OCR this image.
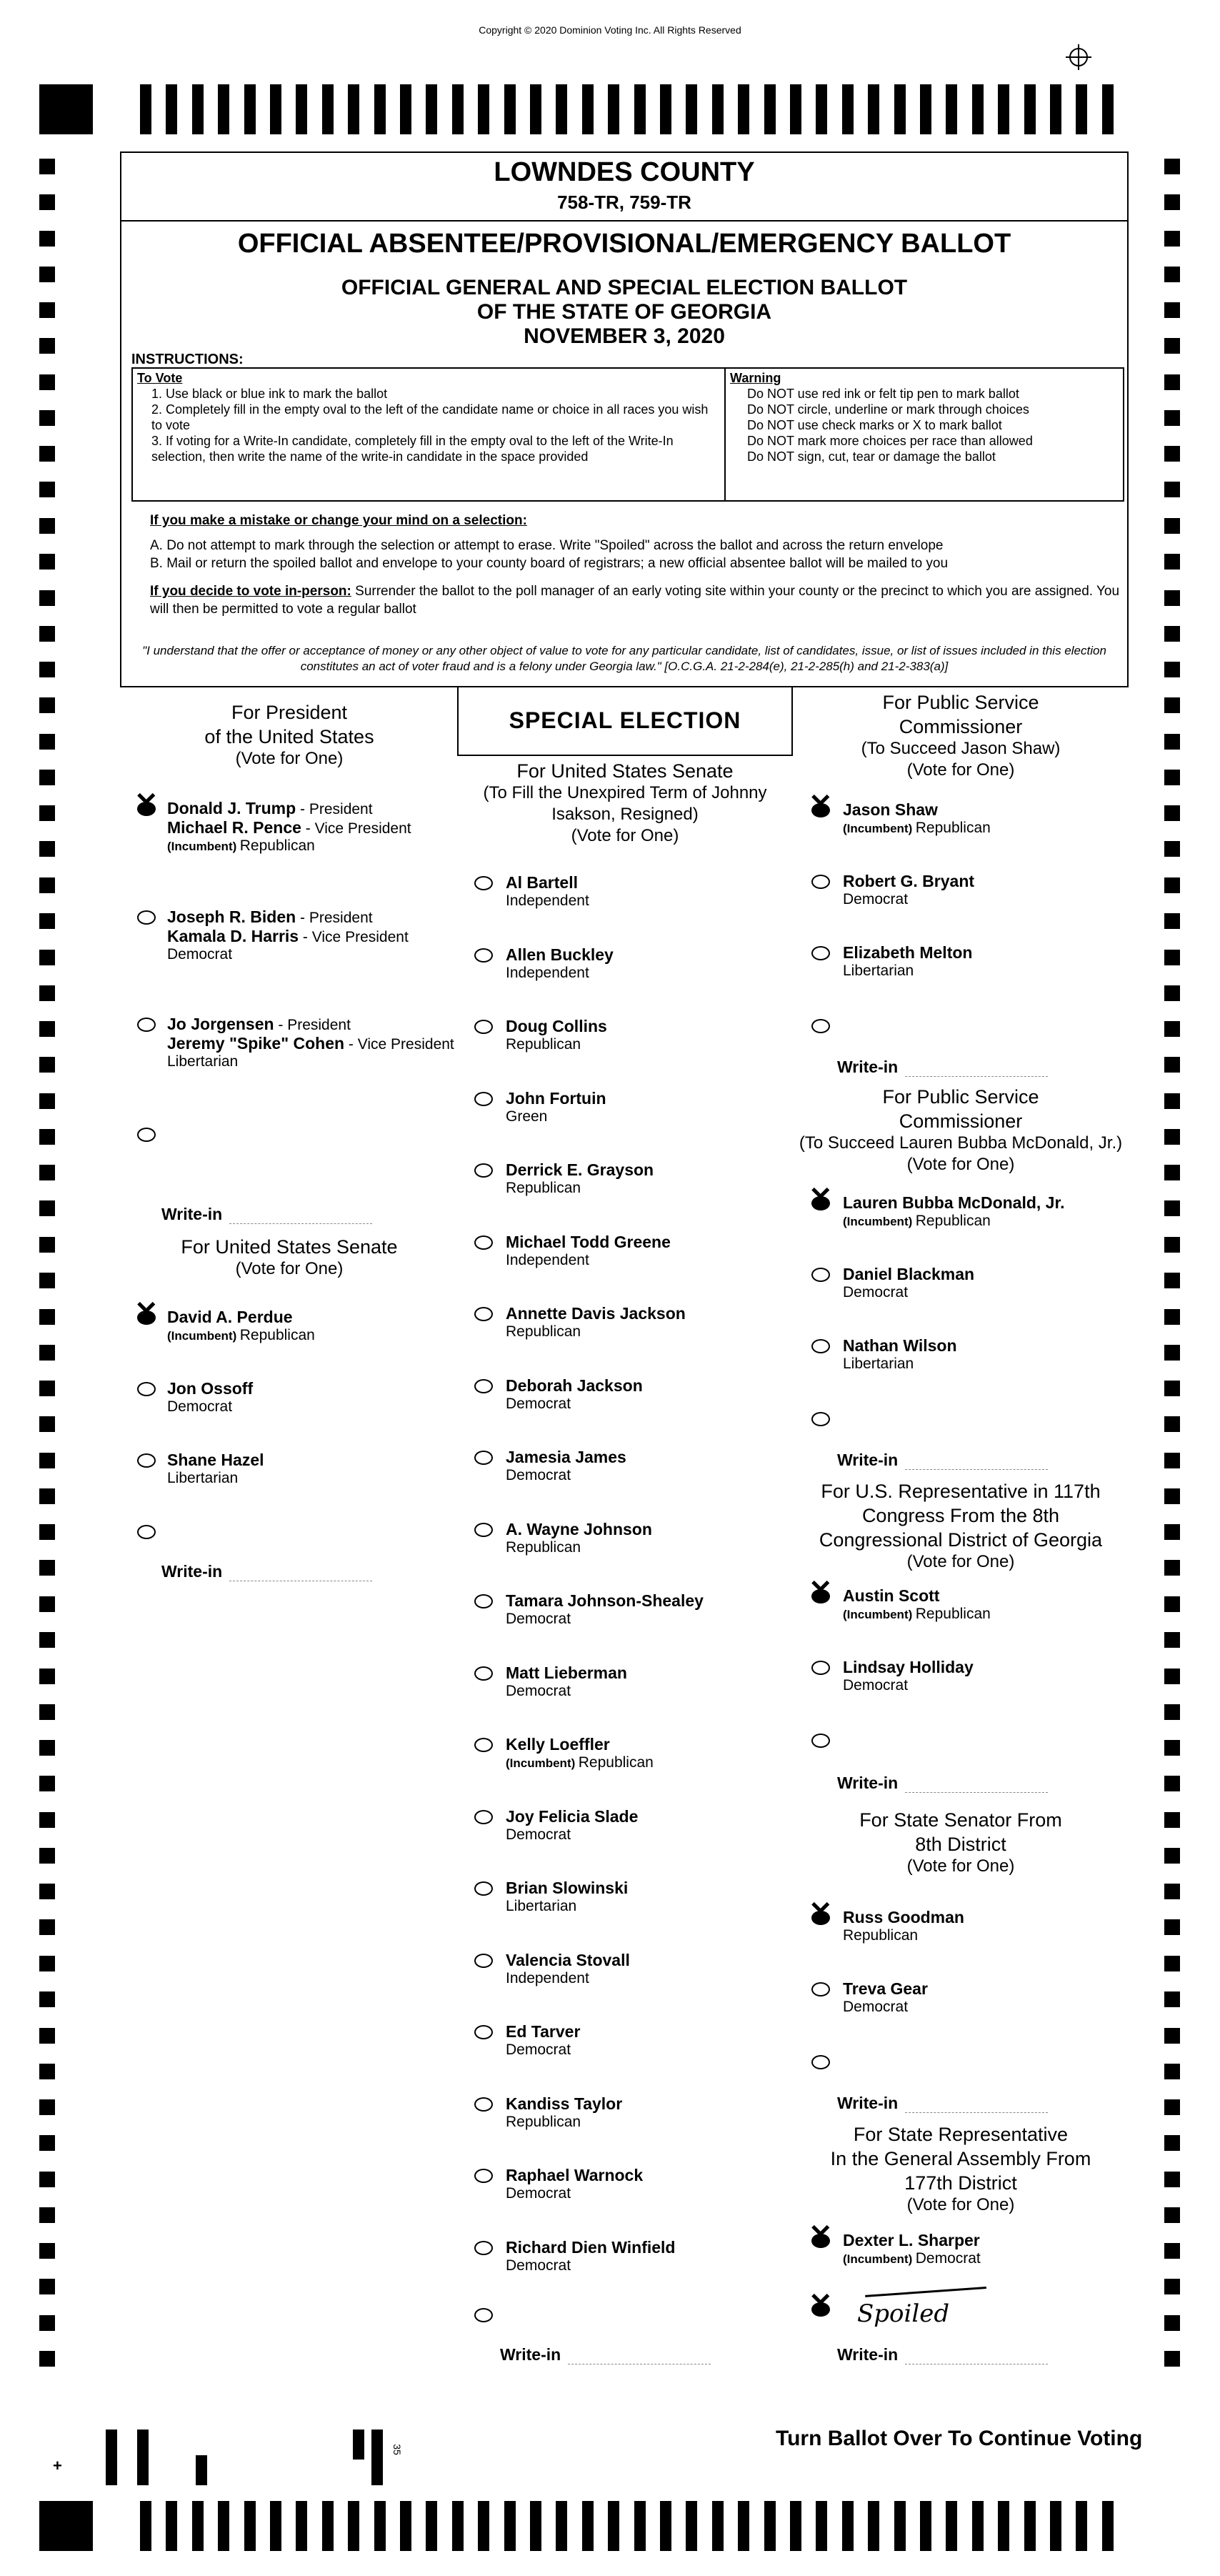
Copyright © 2020 Dominion Voting Inc. All Rights Reserved
LOWNDES COUNTY
758-TR, 759-TR
OFFICIAL ABSENTEE/PROVISIONAL/EMERGENCY BALLOT
OFFICIAL GENERAL AND SPECIAL ELECTION BALLOT
OF THE STATE OF GEORGIA
NOVEMBER 3, 2020
INSTRUCTIONS:
To Vote
1. Use black or blue ink to mark the ballot
2. Completely fill in the empty oval to the left of the candidate name or choice in all races you wish to vote
3. If voting for a Write-In candidate, completely fill in the empty oval to the left of the Write-In selection, then write the name of the write-in candidate in the space provided
Warning
Do NOT use red ink or felt tip pen to mark ballot
Do NOT circle, underline or mark through choices
Do NOT use check marks or X to mark ballot
Do NOT mark more choices per race than allowed
Do NOT sign, cut, tear or damage the ballot

If you make a mistake or change your mind on a selection:

A. Do not attempt to mark through the selection or attempt to erase. Write "Spoiled" across the ballot and across the return envelope

B. Mail or return the spoiled ballot and envelope to your county board of registrars; a new official absentee ballot will be mailed to you

If you decide to vote in-person: Surrender the ballot to the poll manager of an early voting site within your county or the precinct to which you are assigned. You will then be permitted to vote a regular ballot

"I understand that the offer or acceptance of money or any other object of value to vote for any particular candidate, list of candidates, issue, or list of issues included in this election constitutes an act of voter fraud and is a felony under Georgia law." [O.C.G.A. 21-2-284(e), 21-2-285(h) and 21-2-383(a)]
SPECIAL ELECTION
For President
of the United States
(Vote for One)
✕ Donald J. Trump - President
Michael R. Pence - Vice President
(Incumbent) Republican
Joseph R. Biden - President
Kamala D. Harris - Vice President
Democrat
Jo Jorgensen - President
Jeremy "Spike" Cohen - Vice President
Libertarian
Write-in
For United States Senate
(Vote for One)
✕ David A. Perdue
(Incumbent) Republican
Jon Ossoff
Democrat
Shane Hazel
Libertarian
Write-in
For United States Senate
(To Fill the Unexpired Term of Johnny
Isakson, Resigned)
(Vote for One)
Al Bartell
Independent
Allen Buckley
Independent
Doug Collins
Republican
John Fortuin
Green
Derrick E. Grayson
Republican
Michael Todd Greene
Independent
Annette Davis Jackson
Republican
Deborah Jackson
Democrat
Jamesia James
Democrat
A. Wayne Johnson
Republican
Tamara Johnson-Shealey
Democrat
Matt Lieberman
Democrat
Kelly Loeffler
(Incumbent) Republican
Joy Felicia Slade
Democrat
Brian Slowinski
Libertarian
Valencia Stovall
Independent
Ed Tarver
Democrat
Kandiss Taylor
Republican
Raphael Warnock
Democrat
Richard Dien Winfield
Democrat
Write-in
For Public Service
Commissioner
(To Succeed Jason Shaw)
(Vote for One)
✕ Jason Shaw
(Incumbent) Republican
Robert G. Bryant
Democrat
Elizabeth Melton
Libertarian
Write-in
For Public Service
Commissioner
(To Succeed Lauren Bubba McDonald, Jr.)
(Vote for One)
✕ Lauren Bubba McDonald, Jr.
(Incumbent) Republican
Daniel Blackman
Democrat
Nathan Wilson
Libertarian
Write-in
For U.S. Representative in 117th
Congress From the 8th
Congressional District of Georgia
(Vote for One)
✕ Austin Scott
(Incumbent) Republican
Lindsay Holliday
Democrat
Write-in
For State Senator From
8th District
(Vote for One)
✕ Russ Goodman
Republican
Treva Gear
Democrat
Write-in
For State Representative
In the General Assembly From
177th District
(Vote for One)
✕ Dexter L. Sharper
(Incumbent) Democrat
Write-in
✕ Spoiled
Turn Ballot Over To Continue Voting
35
+
